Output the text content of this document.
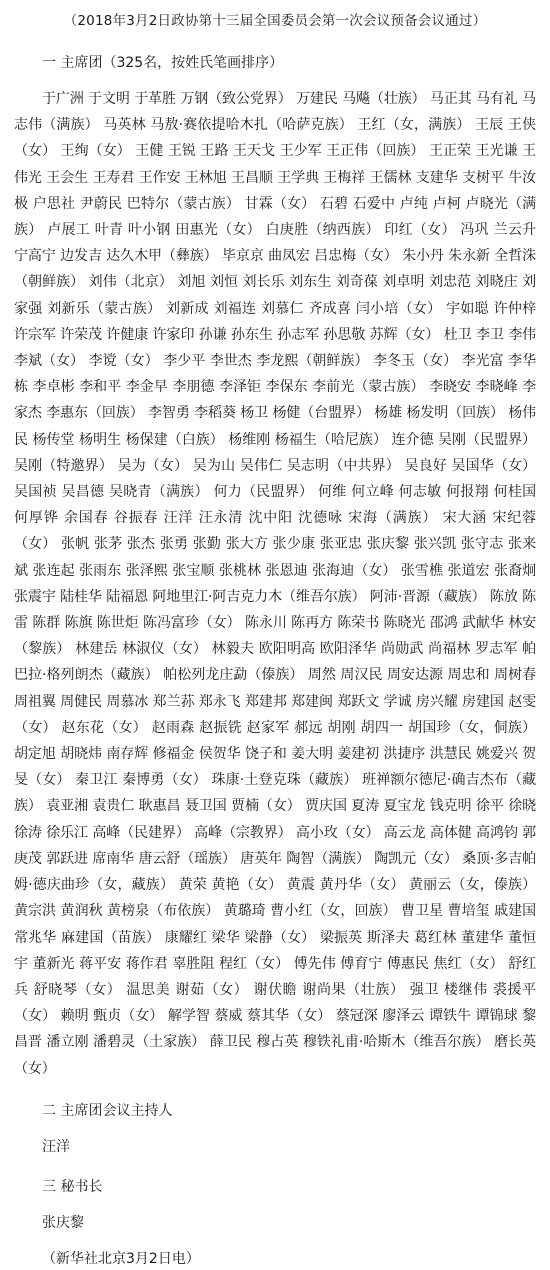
（2018年3月2日政协第十三届全国委员会第一次会议预备会议通过）

一 主席团（325名，按姓氏笔画排序）

于广洲 于文明 于革胜 万钢（致公党界） 万建民 马飚（壮族） 马正其 马有礼 马志伟（满族） 马英林 马敖·赛依提哈木扎（哈萨克族） 王红（女，满族） 王辰 王侠（女） 王绚（女） 王健 王锐 王路 王天戈 王少军 王正伟（回族） 王正荣 王光谦 王伟光 王会生 王寿君 王作安 王林旭 王昌顺 王学典 王梅祥 王儒林 支建华 支树平 牛汝极 户思社 尹蔚民 巴特尔（蒙古族） 甘霖（女） 石碧 石爱中 卢纯 卢柯 卢晓光（满族） 卢展工 叶青 叶小钢 田惠光（女） 白庚胜（纳西族） 印红（女） 冯巩 兰云升 宁高宁 边发吉 达久木甲（彝族） 毕京京 曲凤宏 吕忠梅（女） 朱小丹 朱永新 全哲洙（朝鲜族） 刘伟（北京） 刘旭 刘恒 刘长乐 刘东生 刘奇葆 刘卓明 刘忠范 刘晓庄 刘家强 刘新乐（蒙古族） 刘新成 刘福连 刘慕仁 齐成喜 闫小培（女） 宇如聪 许仲梓 许宗军 许荣茂 许健康 许家印 孙谦 孙东生 孙志军 孙思敬 苏辉（女） 杜卫 李卫 李伟 李斌（女） 李谠（女） 李少平 李世杰 李龙熙（朝鲜族） 李冬玉（女） 李光富 李华栋 李卓彬 李和平 李金早 李朋德 李泽钜 李保东 李前光（蒙古族） 李晓安 李晓峰 李家杰 李惠东（回族） 李智勇 李稻葵 杨卫 杨健（台盟界） 杨雄 杨发明（回族） 杨伟民 杨传堂 杨明生 杨保建（白族） 杨维刚 杨福生（哈尼族） 连介德 吴刚（民盟界） 吴刚（特邀界） 吴为（女） 吴为山 吴伟仁 吴志明（中共界） 吴良好 吴国华（女） 吴国祯 吴昌德 吴晓青（满族） 何力（民盟界） 何维 何立峰 何志敏 何报翔 何桂国 何厚铧 余国春 谷振春 汪洋 汪永清 沈中阳 沈德咏 宋海（满族） 宋大涵 宋纪蓉（女） 张帆 张茅 张杰 张勇 张勤 张大方 张少康 张亚忠 张庆黎 张兴凯 张守志 张来斌 张连起 张雨东 张泽熙 张宝顺 张桃林 张恩迪 张海迪（女） 张雪樵 张道宏 张裔炯 张震宇 陆桂华 陆福恩 阿地里江·阿吉克力木（维吾尔族） 阿沛·晋源（藏族） 陈放 陈雷 陈群 陈旗 陈世炬 陈冯富珍（女） 陈永川 陈再方 陈荣书 陈晓光 邵鸿 武献华 林安（黎族） 林建岳 林淑仪（女） 林毅夫 欧阳明高 欧阳泽华 尚勋武 尚福林 罗志军 帕巴拉·格列朗杰（藏族） 帕松列龙庄勐（傣族） 周然 周汉民 周安达源 周忠和 周树春 周祖翼 周健民 周慕冰 郑兰荪 郑永飞 郑建邦 郑建闽 郑跃文 学诚 房兴耀 房建国 赵雯（女） 赵东花（女） 赵雨森 赵振铣 赵家军 郝远 胡刚 胡四一 胡国珍（女，侗族） 胡定旭 胡晓炜 南存辉 修福金 侯贺华 饶子和 姜大明 姜建初 洪捷序 洪慧民 姚爱兴 贺旻（女） 秦卫江 秦博勇（女） 珠康·土登克珠（藏族） 班禅额尔德尼·确吉杰布（藏族） 袁亚湘 袁贵仁 耿惠昌 聂卫国 贾楠（女） 贾庆国 夏涛 夏宝龙 钱克明 徐平 徐晓 徐涛 徐乐江 高峰（民建界） 高峰（宗教界） 高小玫（女） 高云龙 高体健 高鸿钧 郭庚茂 郭跃进 席南华 唐云舒（瑶族） 唐英年 陶智（满族） 陶凯元（女） 桑顶·多吉帕姆·德庆曲珍（女，藏族） 黄荣 黄艳（女） 黄震 黄丹华（女） 黄丽云（女，傣族） 黄宗洪 黄润秋 黄榜泉（布依族） 黄璐琦 曹小红（女，回族） 曹卫星 曹培玺 戚建国 常兆华 麻建国（苗族） 康耀红 梁华 梁静（女） 梁振英 斯泽夫 葛红林 董建华 董恒宇 董新光 蒋平安 蒋作君 辜胜阻 程红（女） 傅先伟 傅育宁 傅惠民 焦红（女） 舒红兵 舒晓琴（女） 温思美 谢茹（女） 谢伏瞻 谢尚果（壮族） 强卫 楼继伟 裘援平（女） 赖明 甄贞（女） 解学智 蔡威 蔡其华（女） 蔡冠深 廖泽云 谭铁牛 谭锦球 黎昌晋 潘立刚 潘碧灵（土家族） 薛卫民 穆占英 穆铁礼甫·哈斯木（维吾尔族） 磨长英（女）

二 主席团会议主持人
汪洋
三 秘书长
张庆黎
（新华社北京3月2日电）
